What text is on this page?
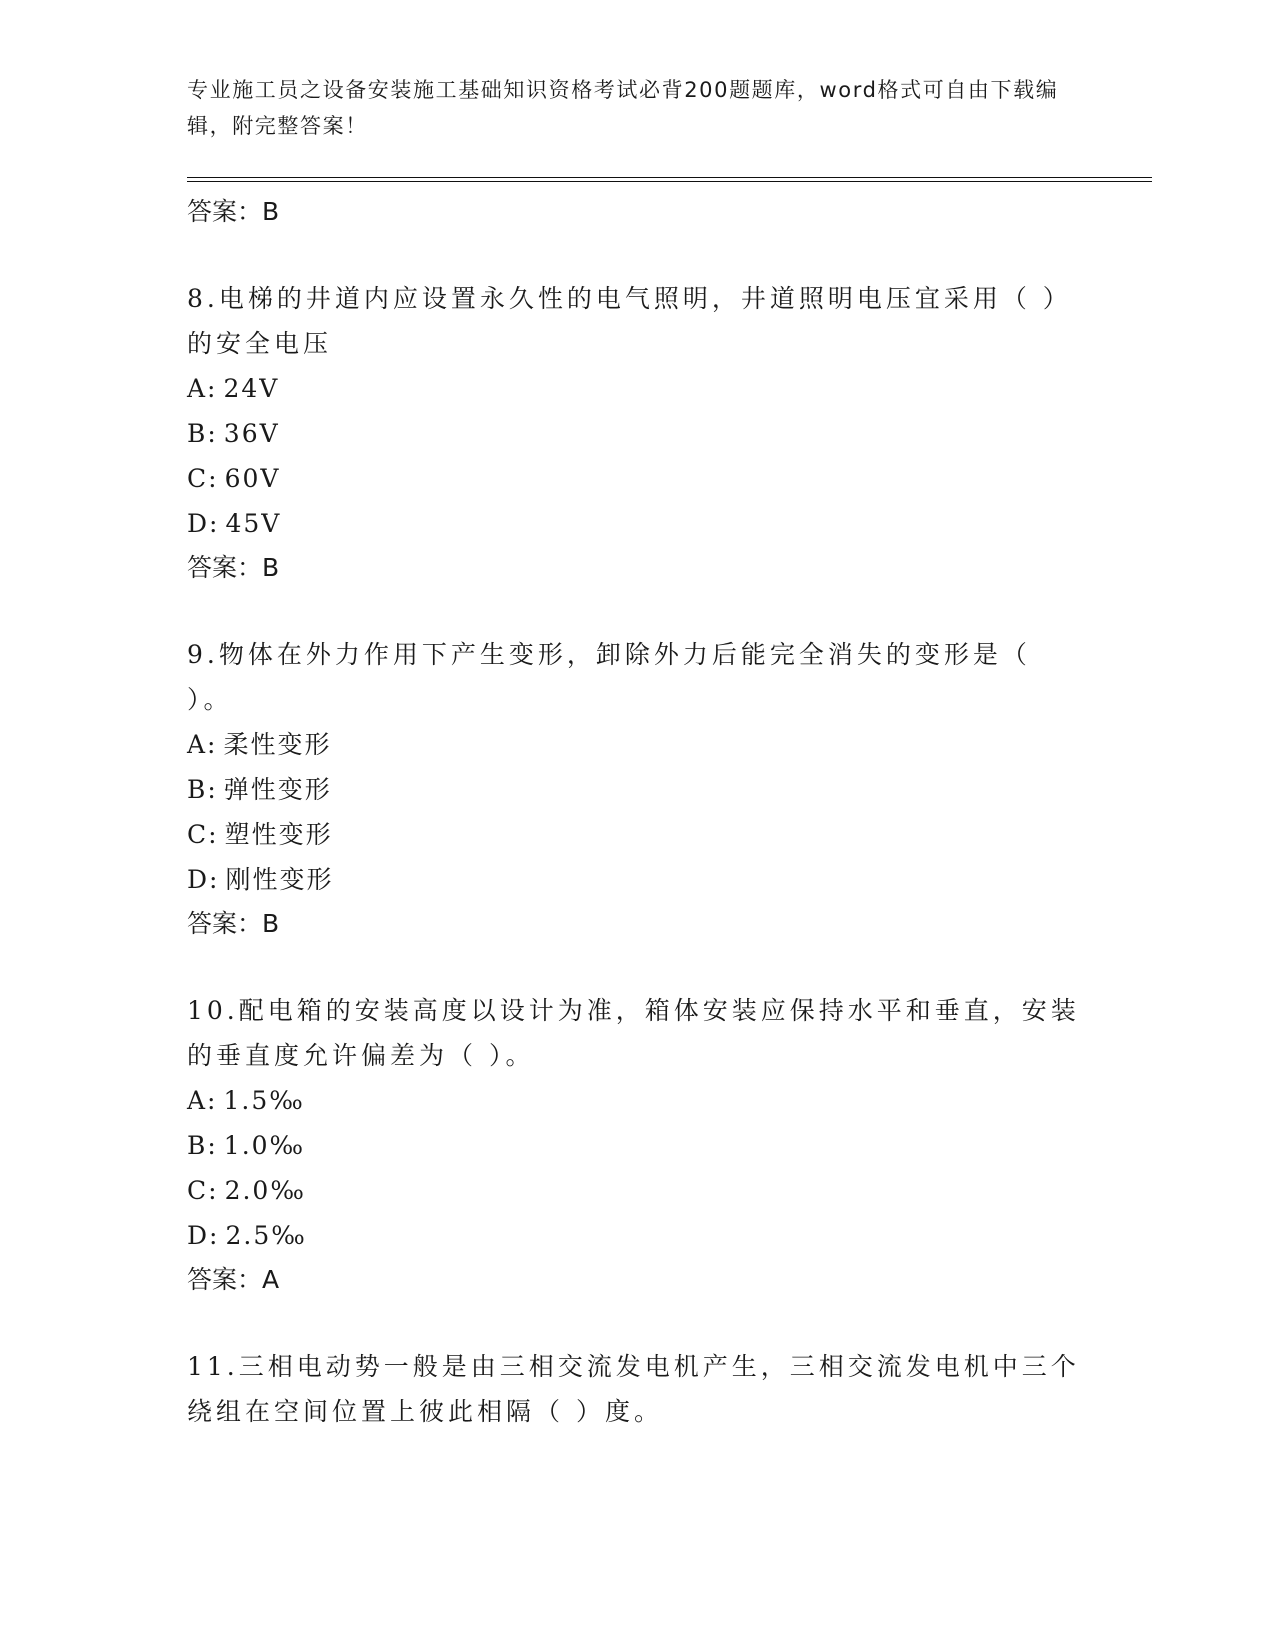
专业施工员之设备安装施工基础知识资格考试必背200题题库，word格式可自由下载编辑，附完整答案！
答案：B
8.电梯的井道内应设置永久性的电气照明，井道照明电压宜采用（ ）的安全电压
A: 24V
B: 36V
C: 60V
D: 45V
答案：B
9.物体在外力作用下产生变形，卸除外力后能完全消失的变形是（ ）。
A: 柔性变形
B: 弹性变形
C: 塑性变形
D: 刚性变形
答案：B
10.配电箱的安装高度以设计为准，箱体安装应保持水平和垂直，安装的垂直度允许偏差为（ ）。
A: 1.5‰
B: 1.0‰
C: 2.0‰
D: 2.5‰
答案：A
11.三相电动势一般是由三相交流发电机产生，三相交流发电机中三个绕组在空间位置上彼此相隔（ ）度。
